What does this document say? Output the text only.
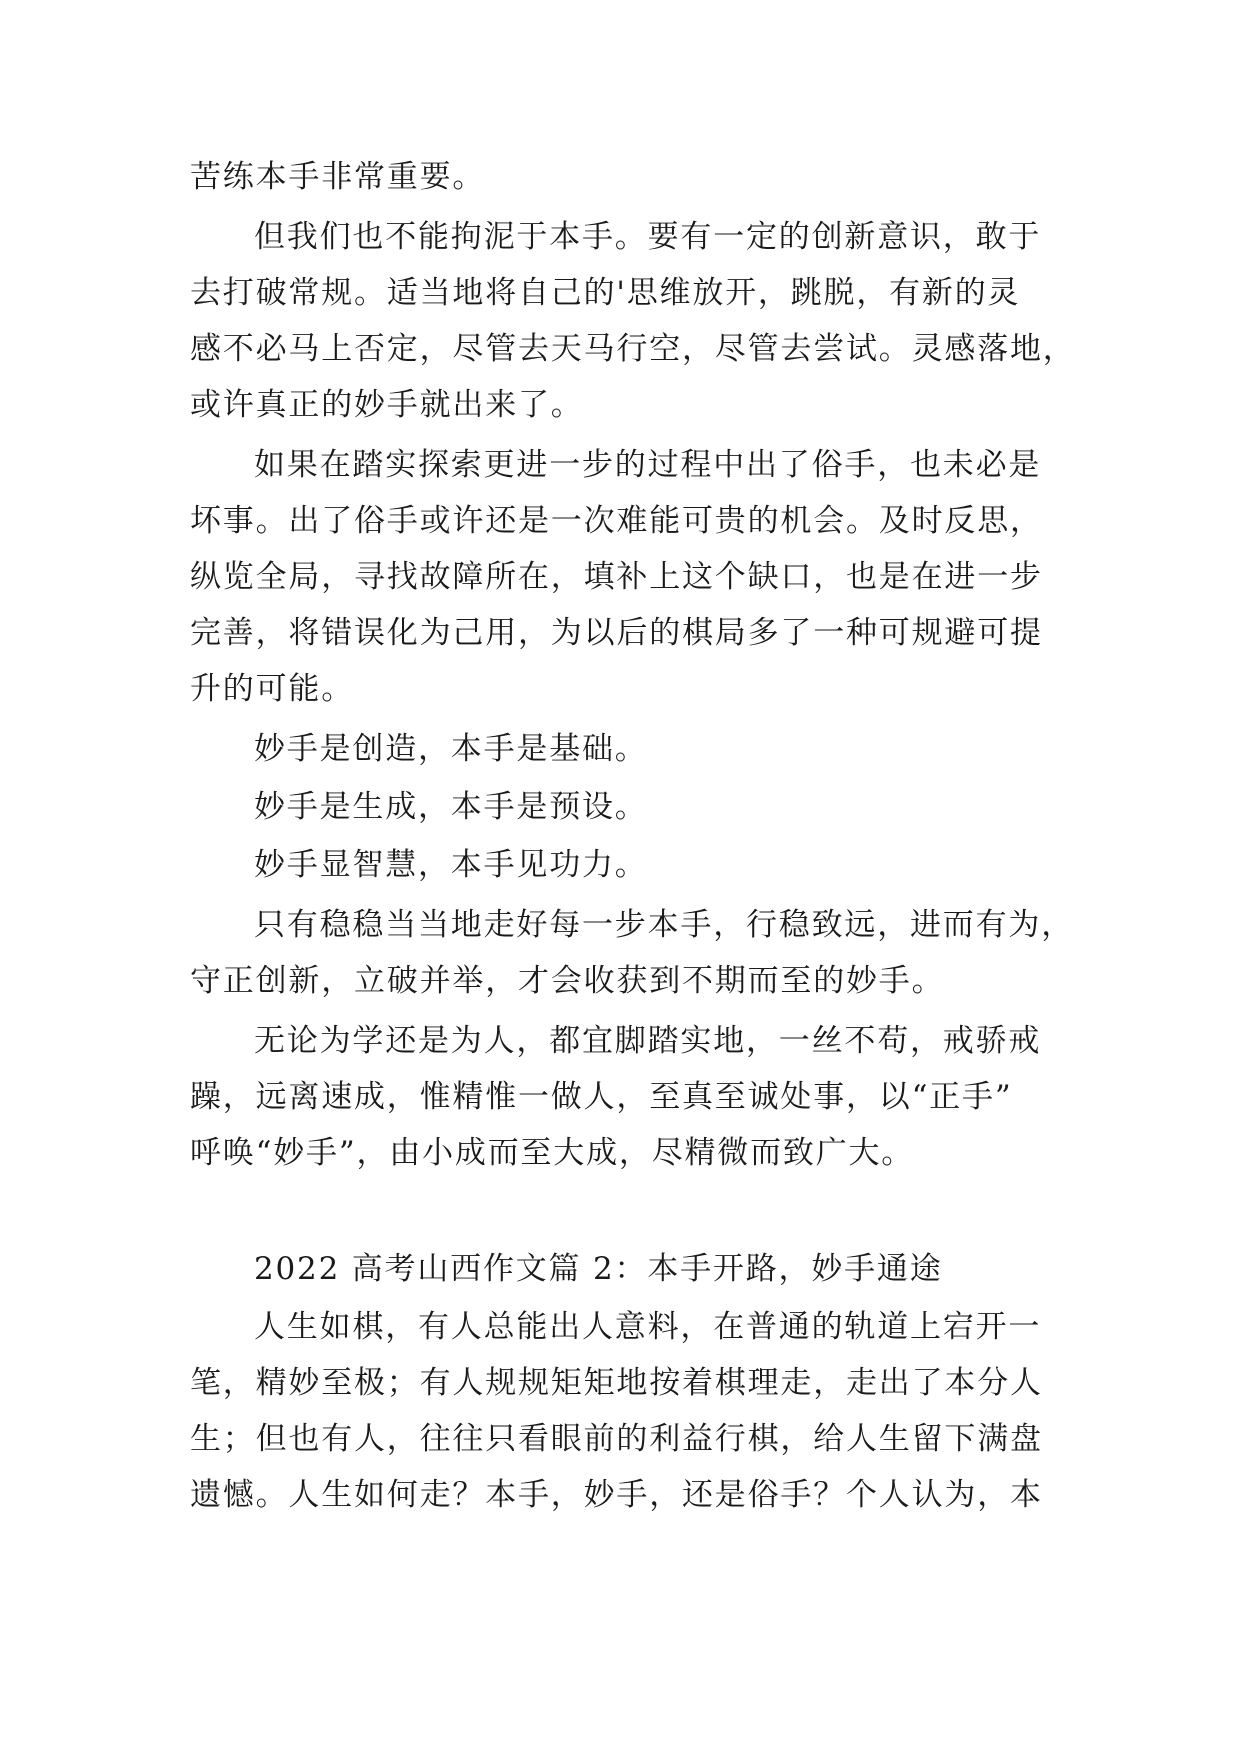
苦练本手非常重要。
但我们也不能拘泥于本手。要有一定的创新意识，敢于
去打破常规。适当地将自己的'思维放开，跳脱，有新的灵
感不必马上否定，尽管去天马行空，尽管去尝试。灵感落地，
或许真正的妙手就出来了。
如果在踏实探索更进一步的过程中出了俗手，也未必是
坏事。出了俗手或许还是一次难能可贵的机会。及时反思，
纵览全局，寻找故障所在，填补上这个缺口，也是在进一步
完善，将错误化为己用，为以后的棋局多了一种可规避可提
升的可能。
妙手是创造，本手是基础。
妙手是生成，本手是预设。
妙手显智慧，本手见功力。
只有稳稳当当地走好每一步本手，行稳致远，进而有为，
守正创新，立破并举，才会收获到不期而至的妙手。
无论为学还是为人，都宜脚踏实地，一丝不苟，戒骄戒
躁，远离速成，惟精惟一做人，至真至诚处事，以“正手”
呼唤“妙手”，由小成而至大成，尽精微而致广大。
2022 高考山西作文篇 2：本手开路，妙手通途
人生如棋，有人总能出人意料，在普通的轨道上宕开一
笔，精妙至极；有人规规矩矩地按着棋理走，走出了本分人
生；但也有人，往往只看眼前的利益行棋，给人生留下满盘
遗憾。人生如何走？本手，妙手，还是俗手？个人认为，本
